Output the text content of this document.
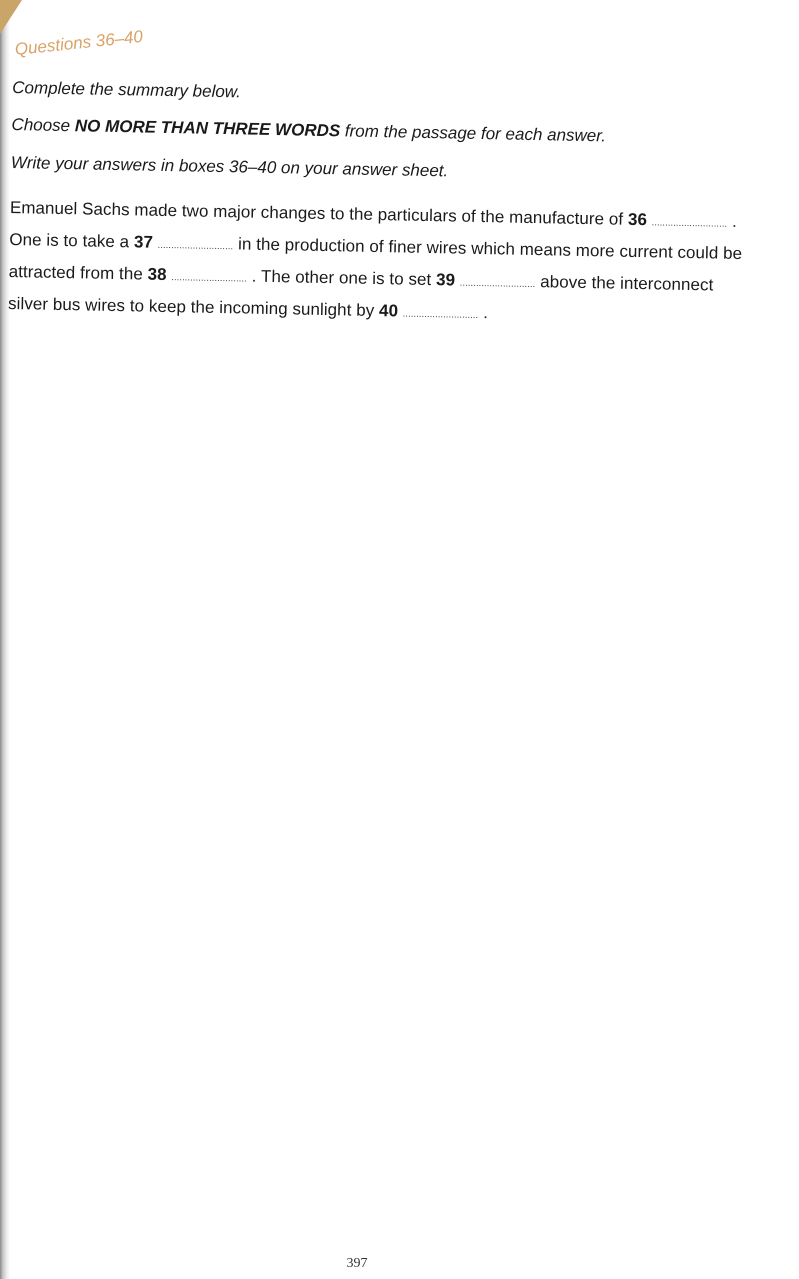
Questions 36–40
Complete the summary below.
Choose NO MORE THAN THREE WORDS from the passage for each answer.
Write your answers in boxes 36–40 on your answer sheet.
Emanuel Sachs made two major changes to the particulars of the manufacture of 36 ............................ .
One is to take a 37 ............................ in the production of finer wires which means more current could be
attracted from the 38 ............................ . The other one is to set 39 ............................ above the interconnect
silver bus wires to keep the incoming sunlight by 40 ............................ .
397
